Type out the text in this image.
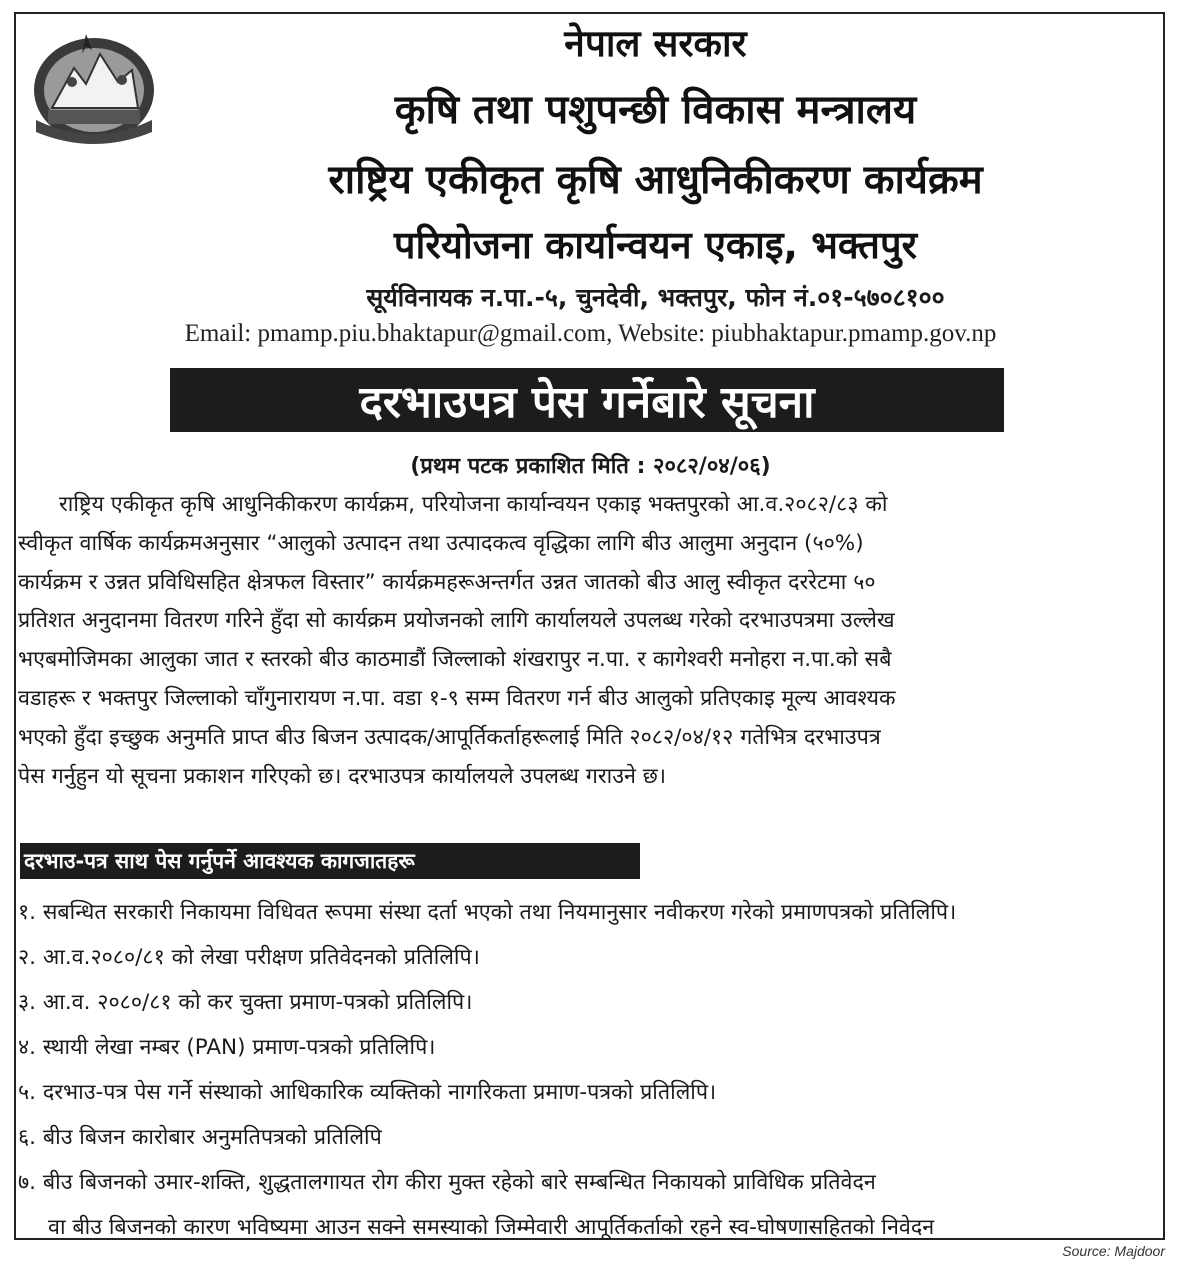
नेपाल सरकार
कृषि तथा पशुपन्छी विकास मन्त्रालय
राष्ट्रिय एकीकृत कृषि आधुनिकीकरण कार्यक्रम
परियोजना कार्यान्वयन एकाइ, भक्तपुर
सूर्यविनायक न.पा.-५, चुनदेवी, भक्तपुर, फोन नं.०१-५७०८१००
Email: pmamp.piu.bhaktapur@gmail.com, Website: piubhaktapur.pmamp.gov.np
दरभाउपत्र पेस गर्नेबारे सूचना
(प्रथम पटक प्रकाशित मिति : २०८२/०४/०६)
राष्ट्रिय एकीकृत कृषि आधुनिकीकरण कार्यक्रम, परियोजना कार्यान्वयन एकाइ भक्तपुरको आ.व.२०८२/८३ को
स्वीकृत वार्षिक कार्यक्रमअनुसार “आलुको उत्पादन तथा उत्पादकत्व वृद्धिका लागि बीउ आलुमा अनुदान (५०%)
कार्यक्रम र उन्नत प्रविधिसहित क्षेत्रफल विस्तार” कार्यक्रमहरूअन्तर्गत उन्नत जातको बीउ आलु स्वीकृत दररेटमा ५०
प्रतिशत अनुदानमा वितरण गरिने हुँदा सो कार्यक्रम प्रयोजनको लागि कार्यालयले उपलब्ध गरेको दरभाउपत्रमा उल्लेख
भएबमोजिमका आलुका जात र स्तरको बीउ काठमाडौं जिल्लाको शंखरापुर न.पा. र कागेश्वरी मनोहरा न.पा.को सबै
वडाहरू र भक्तपुर जिल्लाको चाँगुनारायण न.पा. वडा १-९ सम्म वितरण गर्न बीउ आलुको प्रतिएकाइ मूल्य आवश्यक
भएको हुँदा इच्छुक अनुमति प्राप्त बीउ बिजन उत्पादक/आपूर्तिकर्ताहरूलाई मिति २०८२/०४/१२ गतेभित्र दरभाउपत्र
पेस गर्नुहुन यो सूचना प्रकाशन गरिएको छ। दरभाउपत्र कार्यालयले उपलब्ध गराउने छ।
दरभाउ-पत्र साथ पेस गर्नुपर्ने आवश्यक कागजातहरू
१. सबन्धित सरकारी निकायमा विधिवत रूपमा संस्था दर्ता भएको तथा नियमानुसार नवीकरण गरेको प्रमाणपत्रको प्रतिलिपि।
२. आ.व.२०८०/८१ को लेखा परीक्षण प्रतिवेदनको प्रतिलिपि।
३. आ.व. २०८०/८१ को कर चुक्ता प्रमाण-पत्रको प्रतिलिपि।
४. स्थायी लेखा नम्बर (PAN) प्रमाण-पत्रको प्रतिलिपि।
५. दरभाउ-पत्र पेस गर्ने संस्थाको आधिकारिक व्यक्तिको नागरिकता प्रमाण-पत्रको प्रतिलिपि।
६. बीउ बिजन कारोबार अनुमतिपत्रको प्रतिलिपि
७. बीउ बिजनको उमार-शक्ति, शुद्धतालगायत रोग कीरा मुक्त रहेको बारे सम्बन्धित निकायको प्राविधिक प्रतिवेदन
वा बीउ बिजनको कारण भविष्यमा आउन सक्ने समस्याको जिम्मेवारी आपूर्तिकर्ताको रहने स्व-घोषणासहितको निवेदन
Source: Majdoor
